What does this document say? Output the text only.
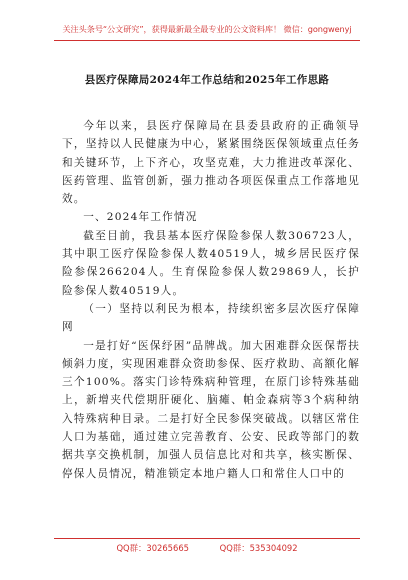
关注头条号“公文研究”，获得最新最全最专业的公文资料库！ 微信：gongwenyj
县医疗保障局2024年工作总结和2025年工作思路

今年以来，县医疗保障局在县委县政府的正确领导下，坚持以人民健康为中心，紧紧围绕医保领域重点任务和关键环节，上下齐心，攻坚克难，大力推进改革深化、医药管理、监管创新，强力推动各项医保重点工作落地见效。

一、2024年工作情况

截至目前，我县基本医疗保险参保人数306723人，其中职工医疗保险参保人数40519人，城乡居民医疗保险参保266204人。生育保险参保人数29869人，长护险参保人数40519人。

（一）坚持以利民为根本，持续织密多层次医疗保障网

一是打好“医保纾困”品牌战。加大困难群众医保帮扶倾斜力度，实现困难群众资助参保、医疗救助、高额化解三个100%。落实门诊特殊病种管理，在原门诊特殊基础上，新增夹代偿期肝硬化、脑瘫、帕金森病等3个病种纳入特殊病种目录。二是打好全民参保突破战。以辖区常住人口为基础，通过建立完善教育、公安、民政等部门的数据共享交换机制，加强人员信息比对和共享，核实断保、停保人员情况，精准锁定本地户籍人口和常住人口中的

QQ群：30265665	QQ群：535304092
